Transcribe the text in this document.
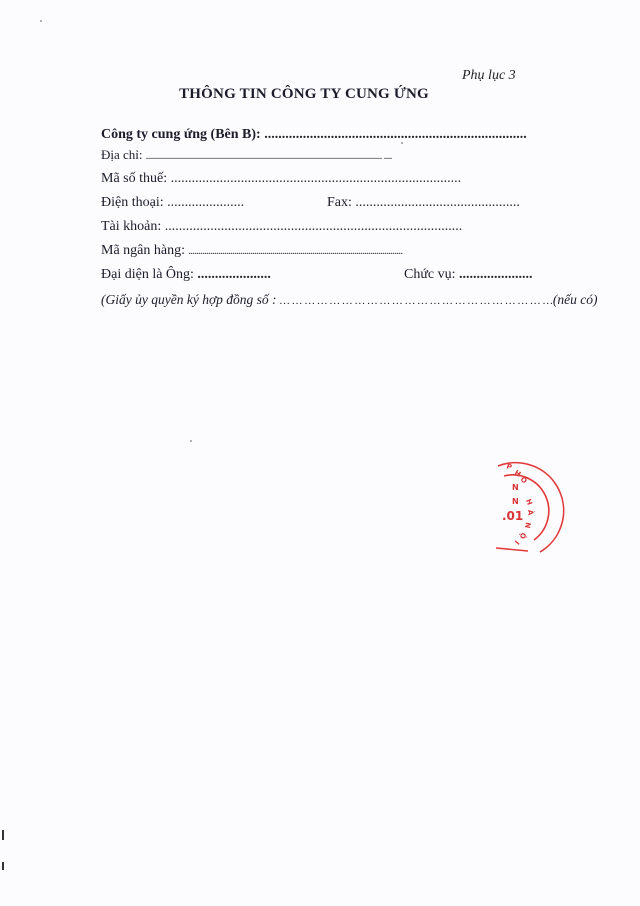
Phụ lục 3
THÔNG TIN CÔNG TY CUNG ỨNG
Công ty cung ứng (Bên B): ...........................................................................
Địa chỉ: ...................................................................................................................... ....
Mã số thuế: ...................................................................................
Điện thoại: ......................	Fax: ...............................................
Tài khoản: .....................................................................................
Mã ngân hàng: ...........................................................................................................
Đại diện là Ông: .....................	Chức vụ: .....................
(Giấy ủy quyền ký hợp đồng số : … … … … … … … … … … … … … … … … … … … … … …(nếu có)
P
H
Ố
H
À
N
Ộ
I
N
N
.01
